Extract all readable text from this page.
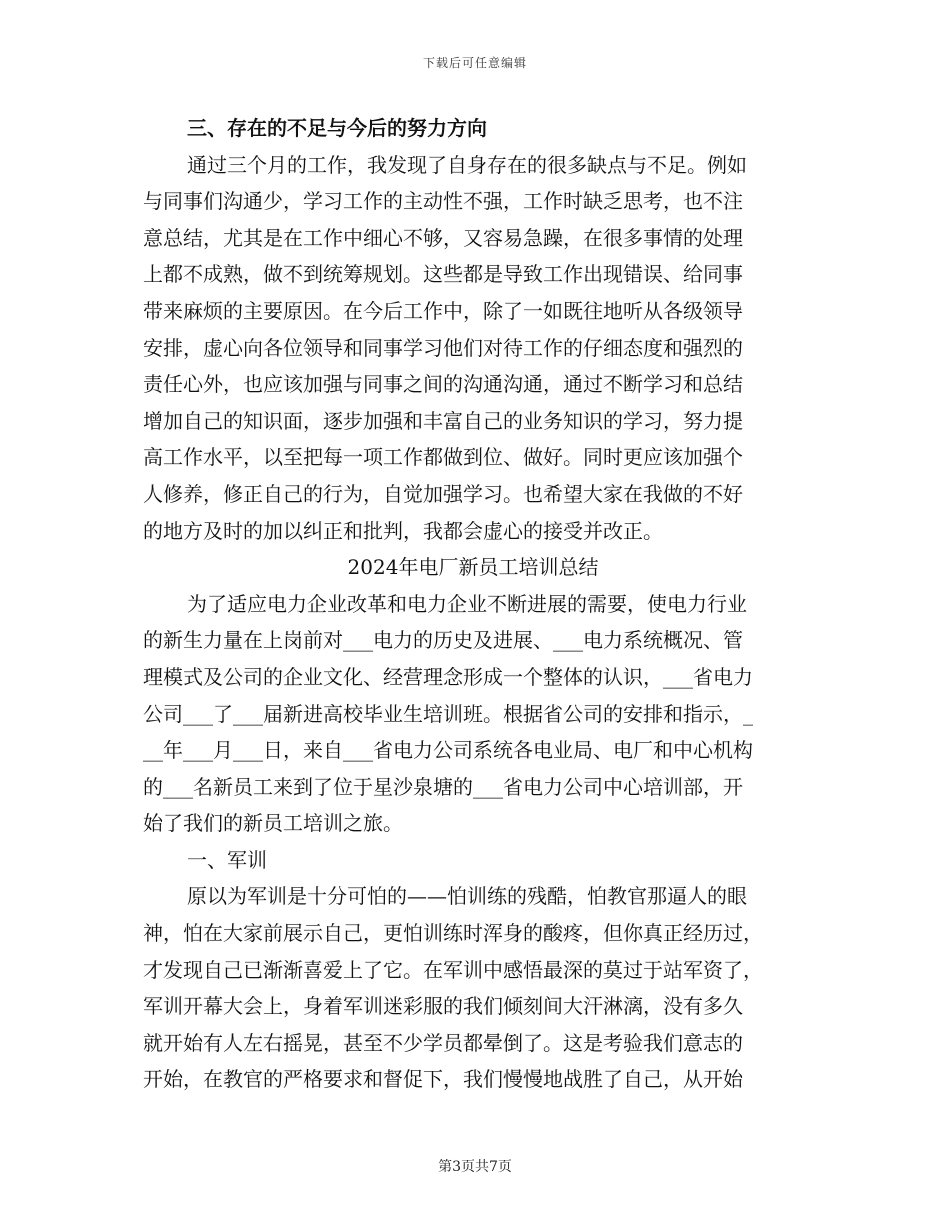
下载后可任意编辑
三、存在的不足与今后的努力方向
通过三个月的工作，我发现了自身存在的很多缺点与不足。例如
与同事们沟通少，学习工作的主动性不强，工作时缺乏思考，也不注
意总结，尤其是在工作中细心不够，又容易急躁，在很多事情的处理
上都不成熟，做不到统筹规划。这些都是导致工作出现错误、给同事
带来麻烦的主要原因。在今后工作中，除了一如既往地听从各级领导
安排，虚心向各位领导和同事学习他们对待工作的仔细态度和强烈的
责任心外，也应该加强与同事之间的沟通沟通，通过不断学习和总结
增加自己的知识面，逐步加强和丰富自己的业务知识的学习，努力提
高工作水平，以至把每一项工作都做到位、做好。同时更应该加强个
人修养，修正自己的行为，自觉加强学习。也希望大家在我做的不好
的地方及时的加以纠正和批判，我都会虚心的接受并改正。
2024年电厂新员工培训总结
为了适应电力企业改革和电力企业不断进展的需要，使电力行业
的新生力量在上岗前对___电力的历史及进展、___电力系统概况、管
理模式及公司的企业文化、经营理念形成一个整体的认识，___省电力
公司___了___届新进高校毕业生培训班。根据省公司的安排和指示，_
__年___月___日，来自___省电力公司系统各电业局、电厂和中心机构
的___名新员工来到了位于星沙泉塘的___省电力公司中心培训部，开
始了我们的新员工培训之旅。
一、军训
原以为军训是十分可怕的——怕训练的残酷，怕教官那逼人的眼
神，怕在大家前展示自己，更怕训练时浑身的酸疼，但你真正经历过，
才发现自己已渐渐喜爱上了它。在军训中感悟最深的莫过于站军资了，
军训开幕大会上，身着军训迷彩服的我们倾刻间大汗淋漓，没有多久
就开始有人左右摇晃，甚至不少学员都晕倒了。这是考验我们意志的
开始，在教官的严格要求和督促下，我们慢慢地战胜了自己，从开始
第3页共7页
